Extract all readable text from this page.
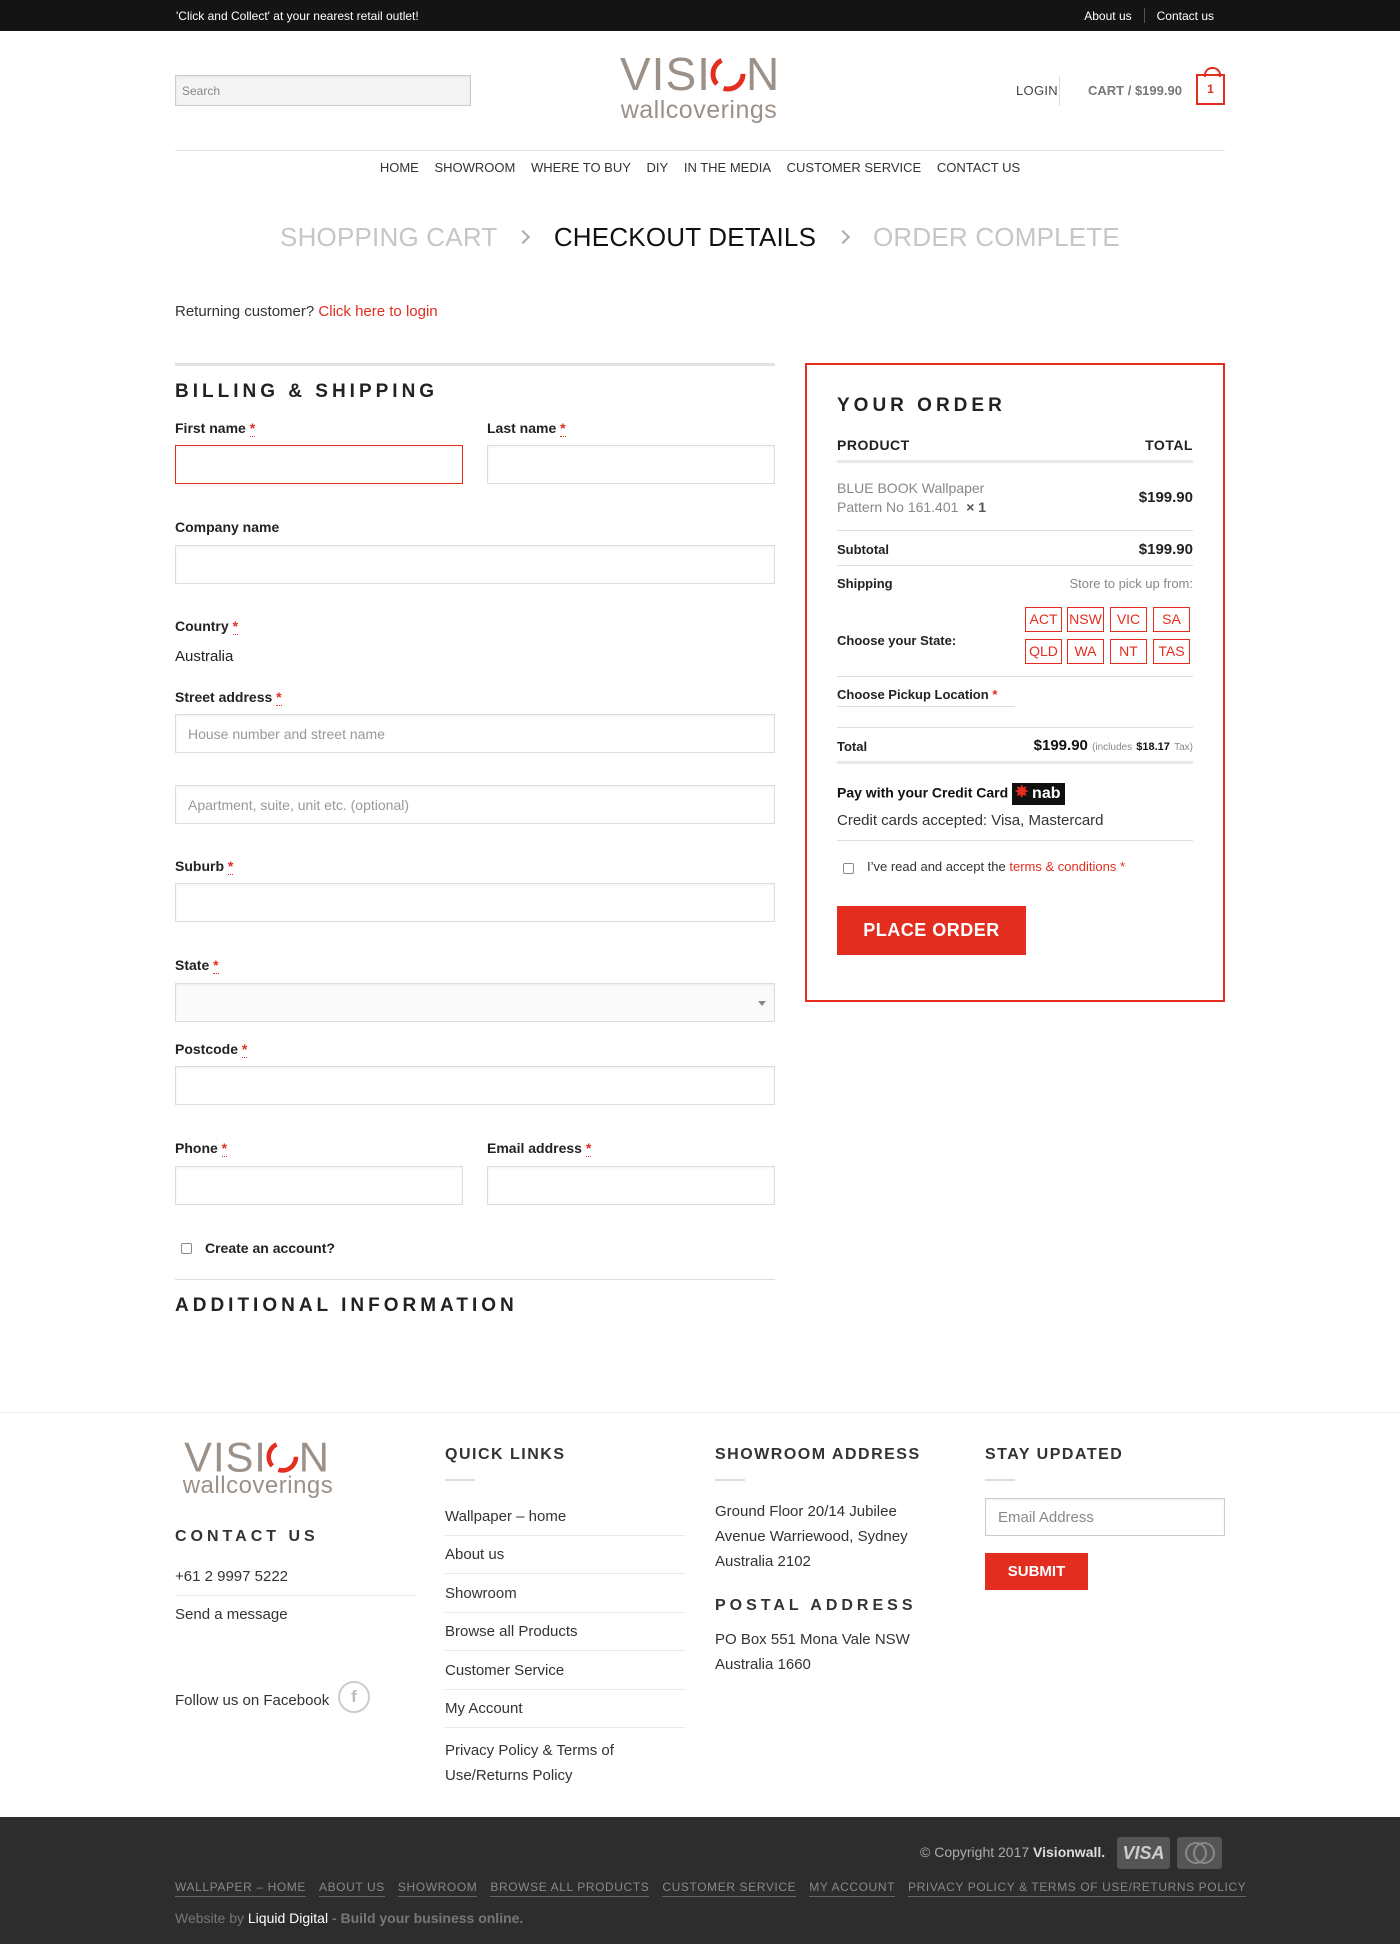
'Click and Collect' at your nearest retail outlet!	About us	Contact us
Search	VISI N
wallcoverings
LOGIN CART / $199.90	1
HOME SHOWROOM WHERE TO BUY DIY IN THE MEDIA CUSTOMER SERVICE CONTACT US
SHOPPING CART CHECKOUT DETAILS ORDER COMPLETE
Returning customer? Click here to login
BILLING & SHIPPING
First name *	Last name *
Company name
Country *
Australia
Street address *
House number and street name
Apartment, suite, unit etc. (optional)
Suburb *
State *
Postcode *
Phone *	Email address *
Create an account?
ADDITIONAL INFORMATION
YOUR ORDER
PRODUCT	TOTAL
BLUE BOOK Wallpaper
Pattern No 161.401 × 1
$199.90
Subtotal	$199.90
Shipping	Store to pick up from:
Choose your State:
ACT NSW	VIC	SA
QLD	WA	NT	TAS
Choose Pickup Location *
Total	$199.90 (includes $18.17 Tax)
Pay with your Credit Card ✸ nab
Credit cards accepted: Visa, Mastercard
I’ve read and accept the terms & conditions *
PLACE ORDER
VISI N
wallcoverings
CONTACT US
+61 2 9997 5222
Send a message
Follow us on Facebook	f
QUICK LINKS
Wallpaper – home
About us
Showroom
Browse all Products
Customer Service
My Account
Privacy Policy & Terms of
Use/Returns Policy
SHOWROOM ADDRESS
Ground Floor 20/14 Jubilee
Avenue Warriewood, Sydney
Australia 2102
POSTAL ADDRESS
PO Box 551 Mona Vale NSW
Australia 1660
STAY UPDATED
Email Address
SUBMIT
© Copyright 2017 Visionwall. VISA
WALLPAPER – HOME ABOUT US SHOWROOM BROWSE ALL PRODUCTS CUSTOMER SERVICE MY ACCOUNT PRIVACY POLICY & TERMS OF USE/RETURNS POLICY
Website by Liquid Digital - Build your business online.
